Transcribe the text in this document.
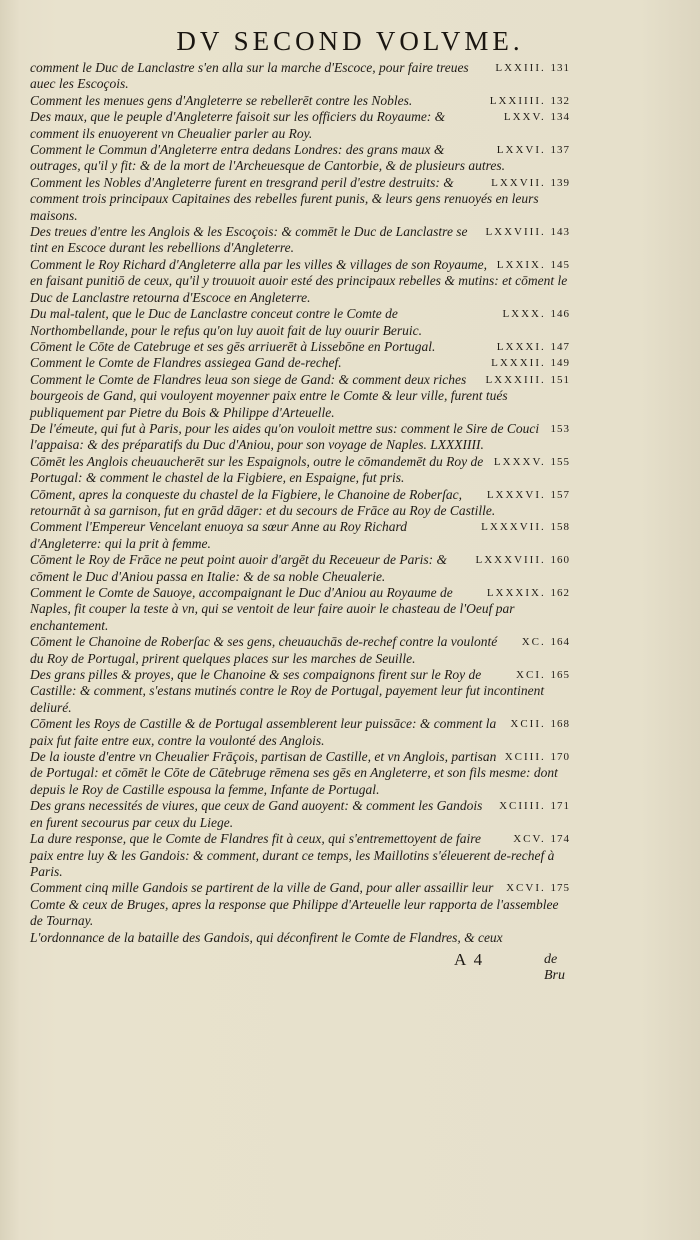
DV SECOND VOLVME.
LXXIII. 131
comment le Duc de Lanclastre s'en alla sur la marche d'Escoce, pour faire treues auec les Escoçois.
LXXIIII. 132
Comment les menues gens d'Angleterre se rebellerēt contre les Nobles.
LXXV. 134
Des maux, que le peuple d'Angleterre faisoit sur les officiers du Royaume: & comment ils enuoyerent vn Cheualier parler au Roy.
LXXVI. 137
Comment le Commun d'Angleterre entra dedans Londres: des grans maux & outrages, qu'il y fit: & de la mort de l'Archeuesque de Cantorbie, & de plusieurs autres.
LXXVII. 139
Comment les Nobles d'Angleterre furent en tresgrand peril d'estre destruits: & comment trois principaux Capitaines des rebelles furent punis, & leurs gens renuoyés en leurs maisons.
LXXVIII. 143
Des treues d'entre les Anglois & les Escoçois: & commēt le Duc de Lanclastre se tint en Escoce durant les rebellions d'Angleterre.
LXXIX. 145
Comment le Roy Richard d'Angleterre alla par les villes & villages de son Royaume, en faisant punitiō de ceux, qu'il y trouuoit auoir esté des principaux rebelles & mutins: et cōment le Duc de Lanclastre retourna d'Escoce en Angleterre.
LXXX. 146
Du mal-talent, que le Duc de Lanclastre conceut contre le Comte de Northombellande, pour le refus qu'on luy auoit fait de luy ouurir Beruic.
LXXXI. 147
Cōment le Cōte de Catebruge et ses gēs arriuerēt à Lissebōne en Portugal.
LXXXII. 149
Comment le Comte de Flandres assiegea Gand de-rechef.
LXXXIII. 151
Comment le Comte de Flandres leua son siege de Gand: & comment deux riches bourgeois de Gand, qui vouloyent moyenner paix entre le Comte & leur ville, furent tués publiquement par Pietre du Bois & Philippe d'Arteuelle.
153
De l'émeute, qui fut à Paris, pour les aides qu'on vouloit mettre sus: comment le Sire de Couci l'appaisa: & des préparatifs du Duc d'Aniou, pour son voyage de Naples. LXXXIIII.
LXXXV. 155
Cōmēt les Anglois cheuaucherēt sur les Espaignols, outre le cōmandemēt du Roy de Portugal: & comment le chastel de la Figbiere, en Espaigne, fut pris.
LXXXVI. 157
Cōment, apres la conqueste du chastel de la Figbiere, le Chanoine de Roberſac, retournāt à sa garnison, fut en grād dāger: et du secours de Frāce au Roy de Castille.
LXXXVII. 158
Comment l'Empereur Vencelant enuoya sa sœur Anne au Roy Richard d'Angleterre: qui la prit à femme.
LXXXVIII. 160
Cōment le Roy de Frāce ne peut point auoir d'argēt du Receueur de Paris: & cōment le Duc d'Aniou passa en Italie: & de sa noble Cheualerie.
LXXXIX. 162
Comment le Comte de Sauoye, accompaignant le Duc d'Aniou au Royaume de Naples, fit couper la teste à vn, qui se ventoit de leur faire auoir le chasteau de l'Oeuf par enchantement.
XC. 164
Cōment le Chanoine de Roberſac & ses gens, cheuauchās de-rechef contre la voulonté du Roy de Portugal, prirent quelques places sur les marches de Seuille.
XCI. 165
Des grans pilles & proyes, que le Chanoine & ses compaignons firent sur le Roy de Castille: & comment, s'estans mutinés contre le Roy de Portugal, payement leur fut incontinent deliuré.
XCII. 168
Cōment les Roys de Castille & de Portugal assemblerent leur puissāce: & comment la paix fut faite entre eux, contre la voulonté des Anglois.
XCIII. 170
De la iouste d'entre vn Cheualier Frāçois, partisan de Castille, et vn Anglois, partisan de Portugal: et cōmēt le Cōte de Cātebruge rēmena ses gēs en Angleterre, et son fils mesme: dont depuis le Roy de Castille espousa la femme, Infante de Portugal.
XCIIII. 171
Des grans necessités de viures, que ceux de Gand auoyent: & comment les Gandois en furent secourus par ceux du Liege.
XCV. 174
La dure response, que le Comte de Flandres fit à ceux, qui s'entremettoyent de faire paix entre luy & les Gandois: & comment, durant ce temps, les Maillotins s'éleuerent de-rechef à Paris.
XCVI. 175
Comment cinq mille Gandois se partirent de la ville de Gand, pour aller assaillir leur Comte & ceux de Bruges, apres la response que Philippe d'Arteuelle leur rapporta de l'assemblee de Tournay.
L'ordonnance de la bataille des Gandois, qui déconfirent le Comte de Flandres, & ceux
A 4	de Bru
